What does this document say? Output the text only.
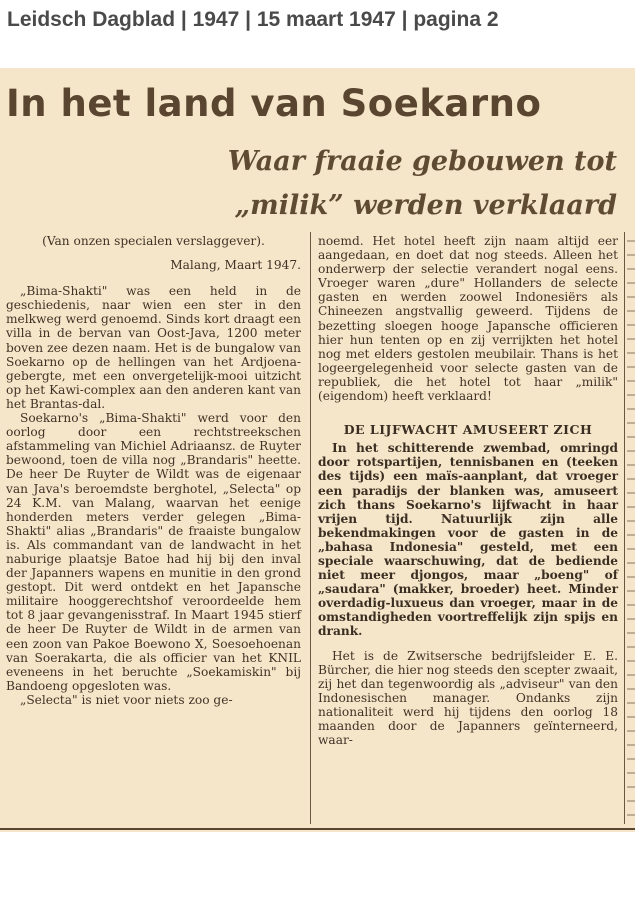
Leidsch Dagblad | 1947 | 15 maart 1947 | pagina 2
In het land van Soekarno
Waar fraaie gebouwen tot
„milik” werden verklaard

(Van onzen specialen verslaggever).

Malang, Maart 1947.

„Bima-Shakti" was een held in de geschiedenis, naar wien een ster in den melkweg werd genoemd. Sinds kort draagt een villa in de bervan van Oost-Java, 1200 meter boven zee dezen naam. Het is de bungalow van Soekarno op de hellingen van het Ardjoena-gebergte, met een onvergetelijk-mooi uitzicht op het Kawi-complex aan den anderen kant van het Brantas-dal.

Soekarno's „Bima-Shakti" werd voor den oorlog door een rechtstreekschen afstammeling van Michiel Adriaansz. de Ruyter bewoond, toen de villa nog „Brandaris" heette. De heer De Ruyter de Wildt was de eigenaar van Java's beroemdste berghotel, „Selecta" op 24 K.M. van Malang, waarvan het eenige honderden meters verder gelegen „Bima-Shakti" alias „Brandaris" de fraaiste bungalow is. Als commandant van de landwacht in het naburige plaatsje Batoe had hij bij den inval der Japanners wapens en munitie in den grond gestopt. Dit werd ontdekt en het Japansche militaire hooggerechtshof veroordeelde hem tot 8 jaar gevangenisstraf. In Maart 1945 stierf de heer De Ruyter de Wildt in de armen van een zoon van Pakoe Boewono X, Soesoehoenan van Soerakarta, die als officier van het KNIL eveneens in het beruchte „Soekamiskin" bij Bandoeng opgesloten was.

„Selecta" is niet voor niets zoo ge-

noemd. Het hotel heeft zijn naam altijd eer aangedaan, en doet dat nog steeds. Alleen het onderwerp der selectie verandert nogal eens. Vroeger waren „dure" Hollanders de selecte gasten en werden zoowel Indonesiërs als Chineezen angstvallig geweerd. Tijdens de bezetting sloegen hooge Japansche officieren hier hun tenten op en zij verrijkten het hotel nog met elders gestolen meubilair. Thans is het logeergelegenheid voor selecte gasten van de republiek, die het hotel tot haar „milik" (eigendom) heeft verklaard!

DE LIJFWACHT AMUSEERT ZICH

In het schitterende zwembad, omringd door rotspartijen, tennisbanen en (teeken des tijds) een maïs-aanplant, dat vroeger een paradijs der blanken was, amuseert zich thans Soekarno's lijfwacht in haar vrijen tijd. Natuurlijk zijn alle bekendmakingen voor de gasten in de „bahasa Indonesia" gesteld, met een speciale waarschuwing, dat de bediende niet meer djongos, maar „boeng" of „saudara" (makker, broeder) heet. Minder overdadig-luxueus dan vroeger, maar in de omstandigheden voortreffelijk zijn spijs en drank.

Het is de Zwitsersche bedrijfsleider E. E. Bürcher, die hier nog steeds den scepter zwaait, zij het dan tegenwoordig als „adviseur" van den Indonesischen manager. Ondanks zijn nationaliteit werd hij tijdens den oorlog 18 maanden door de Japanners geïnterneerd, waar-
